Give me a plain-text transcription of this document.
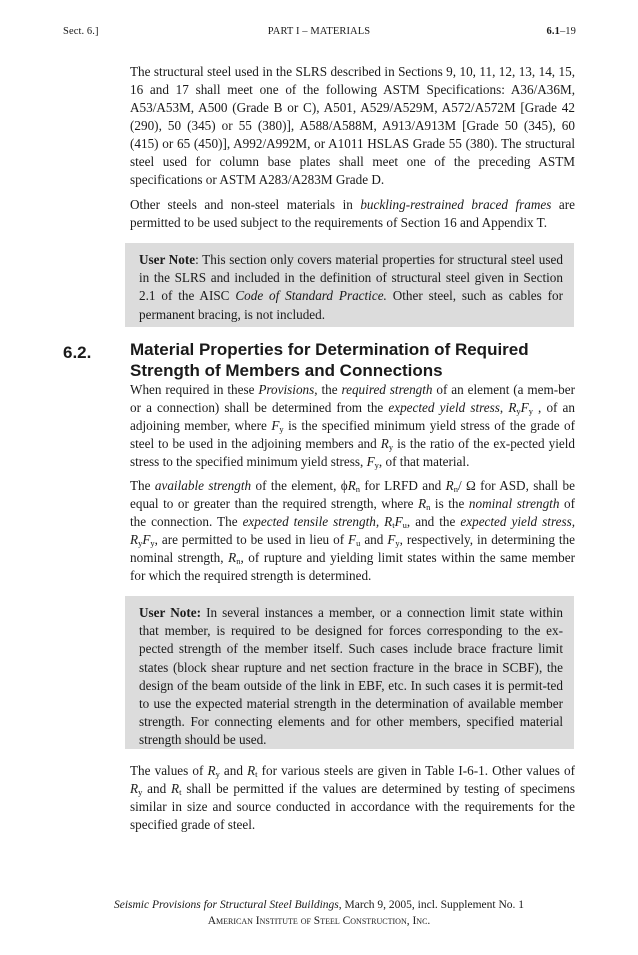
Sect. 6.]	PART I – MATERIALS	6.1–19

The structural steel used in the SLRS described in Sections 9, 10, 11, 12, 13, 14, 15, 16 and 17 shall meet one of the following ASTM Specifications: A36/A36M, A53/A53M, A500 (Grade B or C), A501, A529/A529M, A572/A572M [Grade 42 (290), 50 (345) or 55 (380)], A588/A588M, A913/A913M [Grade 50 (345), 60 (415) or 65 (450)], A992/A992M, or A1011 HSLAS Grade 55 (380). The structural steel used for column base plates shall meet one of the preceding ASTM specifications or ASTM A283/A283M Grade D.

Other steels and non-steel materials in buckling-restrained braced frames are permitted to be used subject to the requirements of Section 16 and Appendix T.

User Note: This section only covers material properties for structural steel used in the SLRS and included in the definition of structural steel given in Section 2.1 of the AISC Code of Standard Practice. Other steel, such as cables for permanent bracing, is not included.
6.2. Material Properties for Determination of Required Strength of Members and Connections

When required in these Provisions, the required strength of an element (a mem-ber or a connection) shall be determined from the expected yield stress, $R_yF_y$ , of an adjoining member, where $F_y$ is the specified minimum yield stress of the grade of steel to be used in the adjoining members and $R_y$ is the ratio of the ex-pected yield stress to the specified minimum yield stress, $F_y$, of that material.

The available strength of the element, $\phi R_n$ for LRFD and $R_n/$ Ω for ASD, shall be equal to or greater than the required strength, where $R_n$ is the nominal strength of the connection. The expected tensile strength, $R_tF_u$, and the expected yield stress, $R_yF_y$, are permitted to be used in lieu of $F_u$ and $F_y$, respectively, in determining the nominal strength, $R_n$, of rupture and yielding limit states within the same member for which the required strength is determined.

User Note: In several instances a member, or a connection limit state within that member, is required to be designed for forces corresponding to the ex-pected strength of the member itself. Such cases include brace fracture limit states (block shear rupture and net section fracture in the brace in SCBF), the design of the beam outside of the link in EBF, etc. In such cases it is permit-ted to use the expected material strength in the determination of available member strength. For connecting elements and for other members, specified material strength should be used.

The values of $R_y$ and $R_t$ for various steels are given in Table I-6-1. Other values of $R_y$ and $R_t$ shall be permitted if the values are determined by testing of specimens similar in size and source conducted in accordance with the requirements for the specified grade of steel.

Seismic Provisions for Structural Steel Buildings, March 9, 2005, incl. Supplement No. 1
American Institute of Steel Construction, Inc.
